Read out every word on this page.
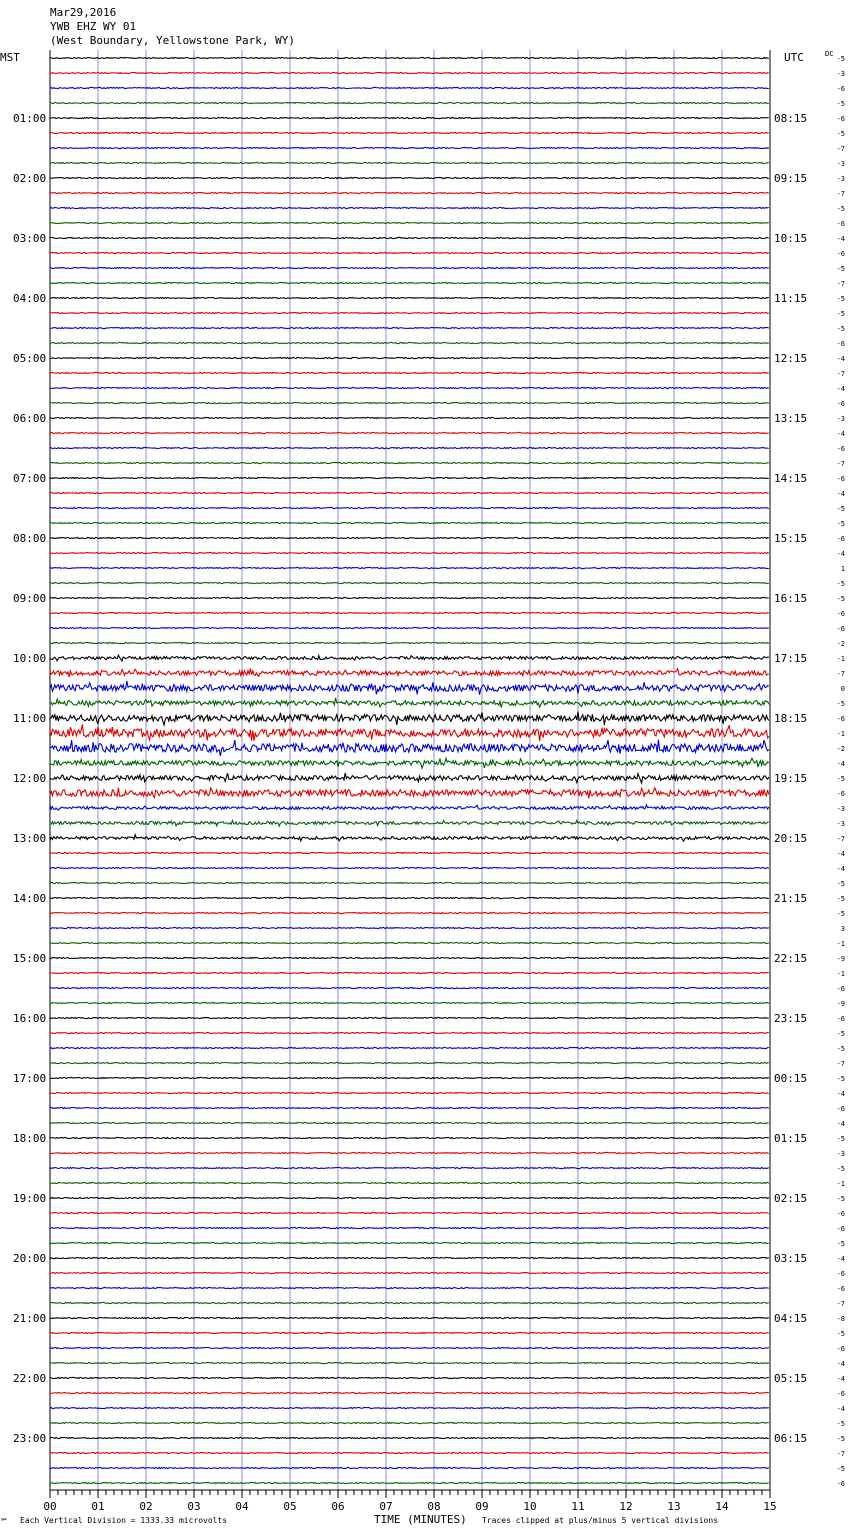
Mar29,2016
YWB EHZ WY 01
(West Boundary, Yellowstone Park, WY)
MST	UTC	DC
01:00
02:00
03:00
04:00
05:00
06:00
07:00
08:00
09:00
10:00
11:00
12:00
13:00
14:00
15:00
16:00
17:00
18:00
19:00
20:00
21:00
22:00
23:00
08:15
09:15
10:15
11:15
12:15
13:15
14:15
15:15
16:15
17:15
18:15
19:15
20:15
21:15
22:15
23:15
00:15
01:15
02:15
03:15
04:15
05:15
06:15
-5
-3
-6
-5
-6
-5
-7
-3
-3
-7
-5
-6
-4
-6
-5
-7
-5
-5
-5
-6
-4
-7
-4
-6
-3
-4
-6
-7
-6
-4
-5
-5
-6
-4
1
-5
-5
-6
-6
-2
-1
-7
0
-5
-6
-1
-2
-4
-5
-6
-3
-3
-7
-4
-4
-5
-5
-5
3
-1
-9
-1
-6
-9
-6
-5
-5
-7
-5
-4
-6
-4
-5
-3
-5
-1
-5
-6
-6
-5
-4
-6
-6
-7
-8
-5
-6
-4
-4
-6
-4
-5
-5
-7
-5
-6
00	01	02	03	04	05	06	07	08	09	10	11	12	13	14	15
TIME (MINUTES)
℠ Each Vertical Division = 1333.33 microvolts	Traces clipped at plus/minus 5 vertical divisions
